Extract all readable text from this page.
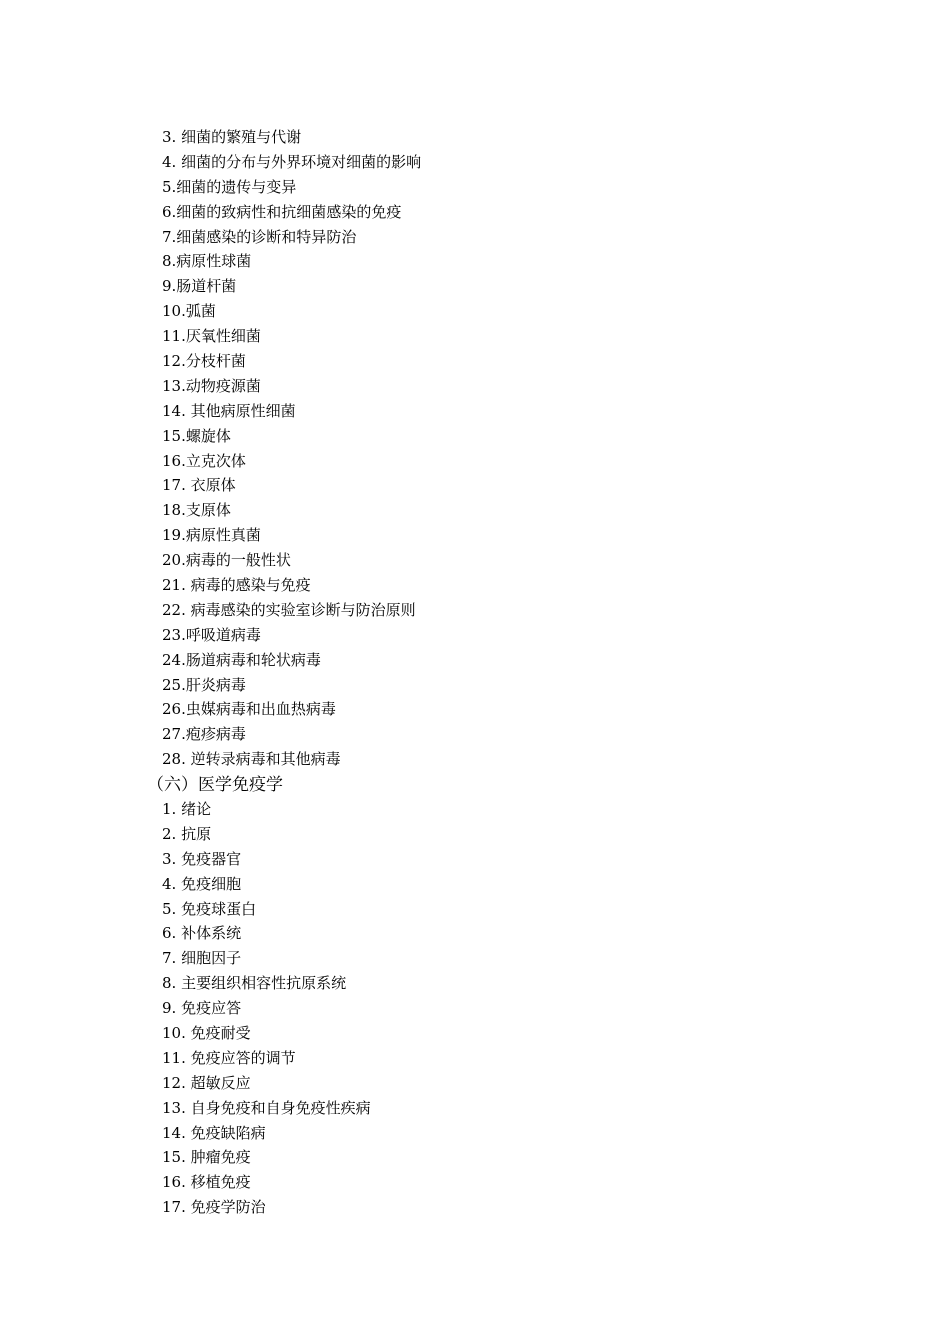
3. 细菌的繁殖与代谢
4. 细菌的分布与外界环境对细菌的影响
5.细菌的遗传与变异
6.细菌的致病性和抗细菌感染的免疫
7.细菌感染的诊断和特异防治
8.病原性球菌
9.肠道杆菌
10.弧菌
11.厌氧性细菌
12.分枝杆菌
13.动物疫源菌
14. 其他病原性细菌
15.螺旋体
16.立克次体
17. 衣原体
18.支原体
19.病原性真菌
20.病毒的一般性状
21. 病毒的感染与免疫
22. 病毒感染的实验室诊断与防治原则
23.呼吸道病毒
24.肠道病毒和轮状病毒
25.肝炎病毒
26.虫媒病毒和出血热病毒
27.疱疹病毒
28. 逆转录病毒和其他病毒
（六）医学免疫学
1. 绪论
2. 抗原
3. 免疫器官
4. 免疫细胞
5. 免疫球蛋白
6. 补体系统
7. 细胞因子
8. 主要组织相容性抗原系统
9. 免疫应答
10. 免疫耐受
11. 免疫应答的调节
12. 超敏反应
13. 自身免疫和自身免疫性疾病
14. 免疫缺陷病
15. 肿瘤免疫
16. 移植免疫
17. 免疫学防治
